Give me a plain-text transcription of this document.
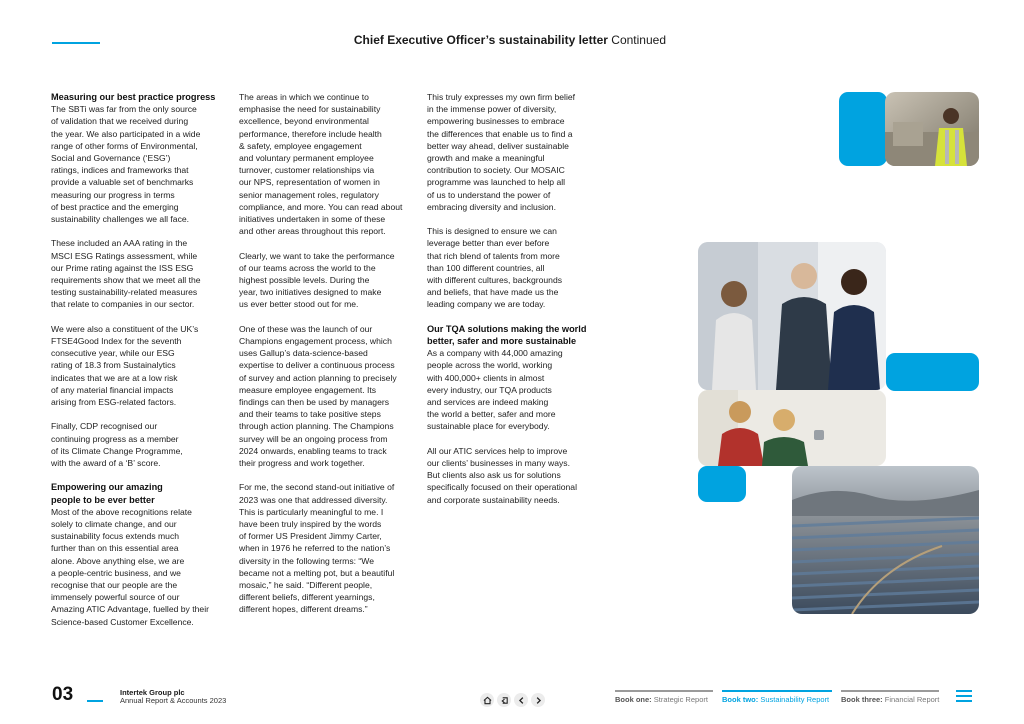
Chief Executive Officer’s sustainability letter Continued
Measuring our best practice progress

The SBTi was far from the only source
of validation that we received during
the year. We also participated in a wide
range of other forms of Environmental,
Social and Governance (‘ESG’)
ratings, indices and frameworks that
provide a valuable set of benchmarks
measuring our progress in terms
of best practice and the emerging
sustainability challenges we all face.

These included an AAA rating in the
MSCI ESG Ratings assessment, while
our Prime rating against the ISS ESG
requirements show that we meet all the
testing sustainability-related measures
that relate to companies in our sector.

We were also a constituent of the UK’s
FTSE4Good Index for the seventh
consecutive year, while our ESG
rating of 18.3 from Sustainalytics
indicates that we are at a low risk
of any material financial impacts
arising from ESG-related factors.

Finally, CDP recognised our
continuing progress as a member
of its Climate Change Programme,
with the award of a ‘B’ score.

Empowering our amazing
people to be ever better

Most of the above recognitions relate
solely to climate change, and our
sustainability focus extends much
further than on this essential area
alone. Above anything else, we are
a people-centric business, and we
recognise that our people are the
immensely powerful source of our
Amazing ATIC Advantage, fuelled by their
Science-based Customer Excellence.

The areas in which we continue to
emphasise the need for sustainability
excellence, beyond environmental
performance, therefore include health
& safety, employee engagement
and voluntary permanent employee
turnover, customer relationships via
our NPS, representation of women in
senior management roles, regulatory
compliance, and more. You can read about
initiatives undertaken in some of these
and other areas throughout this report.

Clearly, we want to take the performance
of our teams across the world to the
highest possible levels. During the
year, two initiatives designed to make
us ever better stood out for me.

One of these was the launch of our
Champions engagement process, which
uses Gallup’s data-science-based
expertise to deliver a continuous process
of survey and action planning to precisely
measure employee engagement. Its
findings can then be used by managers
and their teams to take positive steps
through action planning. The Champions
survey will be an ongoing process from
2024 onwards, enabling teams to track
their progress and work together.

For me, the second stand-out initiative of
2023 was one that addressed diversity.
This is particularly meaningful to me. I
have been truly inspired by the words
of former US President Jimmy Carter,
when in 1976 he referred to the nation’s
diversity in the following terms: “We
became not a melting pot, but a beautiful
mosaic,” he said. “Different people,
different beliefs, different yearnings,
different hopes, different dreams.”

This truly expresses my own firm belief
in the immense power of diversity,
empowering businesses to embrace
the differences that enable us to find a
better way ahead, deliver sustainable
growth and make a meaningful
contribution to society. Our MOSAIC
programme was launched to help all
of us to understand the power of
embracing diversity and inclusion.

This is designed to ensure we can
leverage better than ever before
that rich blend of talents from more
than 100 different countries, all
with different cultures, backgrounds
and beliefs, that have made us the
leading company we are today.

Our TQA solutions making the world
better, safer and more sustainable

As a company with 44,000 amazing
people across the world, working
with 400,000+ clients in almost
every industry, our TQA products
and services are indeed making
the world a better, safer and more
sustainable place for everybody.

All our ATIC services help to improve
our clients’ businesses in many ways.
But clients also ask us for solutions
specifically focused on their operational
and corporate sustainability needs.

03	Intertek Group plc
Annual Report & Accounts 2023	Book one: Strategic Report	Book two: Sustainability Report	Book three: Financial Report
